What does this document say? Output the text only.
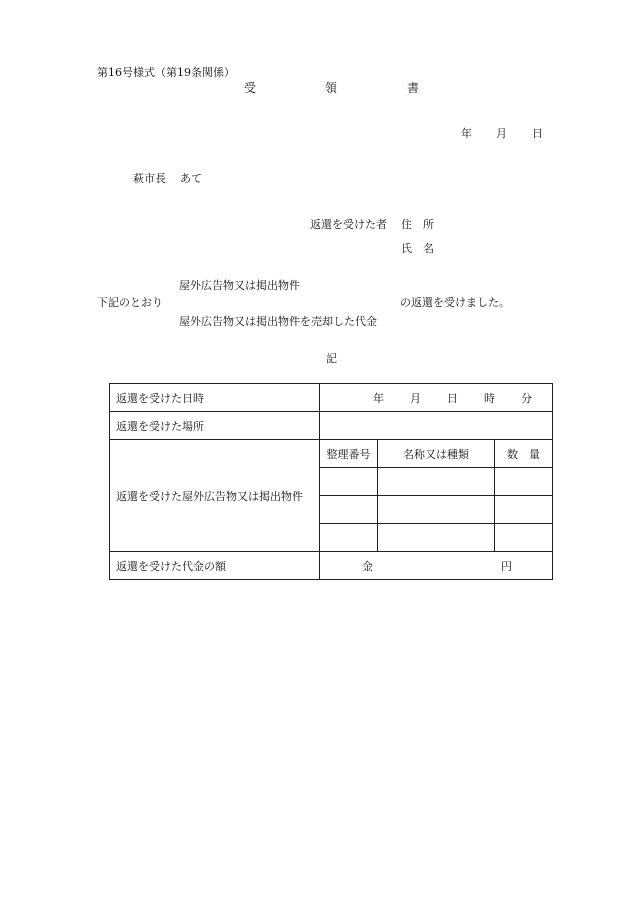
第16号様式（第19条関係）
受	領	書
年 月 日
萩市長 あて
返還を受けた者 住　所
氏　名
屋外広告物又は掲出物件
下記のとおり	の返還を受けました。
屋外広告物又は掲出物件を売却した代金
記
返還を受けた日時	年 月 日 時 分		
返還を受けた場所			
返還を受けた屋外広告物又は掲出物件	整理番号	名称又は種類	数　量

返還を受けた代金の額	金 円		
